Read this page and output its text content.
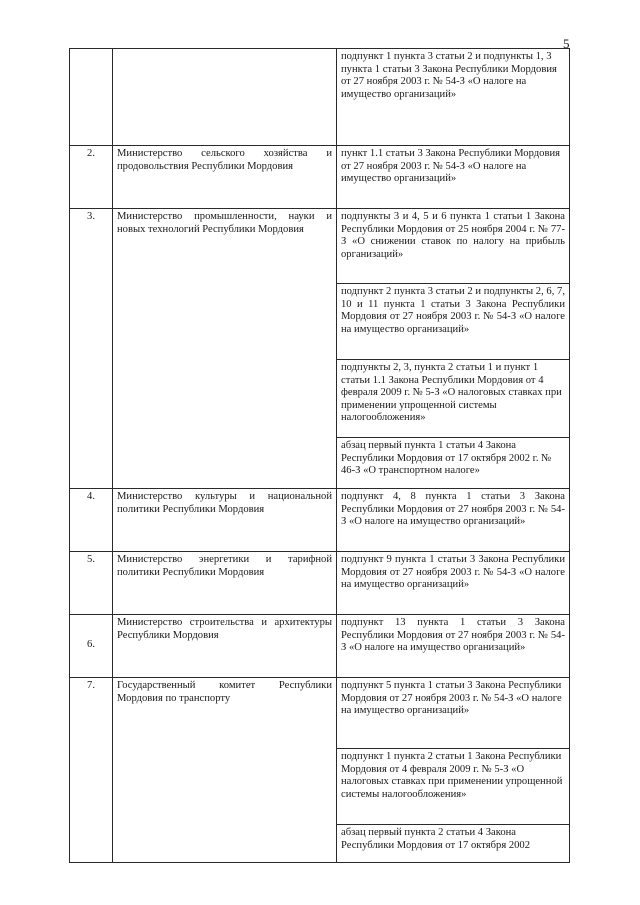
5
		подпункт 1 пункта 3 статьи 2 и подпункты 1, 3 пункта 1 статьи 3 Закона Республики Мордовия от 27 ноября 2003 г. № 54-З «О налоге на имущество организаций»
2.	Министерство сельского хозяйства и продовольствия Республики Мордовия	пункт 1.1 статьи 3 Закона Республики Мордовия от 27 ноября 2003 г. № 54-З «О налоге на имущество организаций»
3.	Министерство промышленности, науки и новых технологий Республики Мордовия	подпункты 3 и 4, 5 и 6 пункта 1 статьи 1 Закона Республики Мордовия от 25 ноября 2004 г. № 77-З «О снижении ставок по налогу на прибыль организаций»
		подпункт 2 пункта 3 статьи 2 и подпункты 2, 6, 7, 10 и 11 пункта 1 статьи 3 Закона Республики Мордовия от 27 ноября 2003 г. № 54-З «О налоге на имущество организаций»
		подпункты 2, 3, пункта 2 статьи 1 и пункт 1 статьи 1.1 Закона Республики Мордовия от 4 февраля 2009 г. № 5-З «О налоговых ставках при применении упрощенной системы налогообложения»
		абзац первый пункта 1 статьи 4 Закона Республики Мордовия от 17 октября 2002 г. № 46-З «О транспортном налоге»
4.	Министерство культуры и национальной политики Республики Мордовия	подпункт 4, 8 пункта 1 статьи 3 Закона Республики Мордовия от 27 ноября 2003 г. № 54-З «О налоге на имущество организаций»
5.	Министерство энергетики и тарифной политики Республики Мордовия	подпункт 9 пункта 1 статьи 3 Закона Республики Мордовия от 27 ноября 2003 г. № 54-З «О налоге на имущество организаций»
6.	Министерство строительства и архитектуры Республики Мордовия	подпункт 13 пункта 1 статьи 3 Закона Республики Мордовия от 27 ноября 2003 г. № 54-З «О налоге на имущество организаций»
7.	Государственный комитет Республики Мордовия по транспорту	подпункт 5 пункта 1 статьи 3 Закона Республики Мордовия от 27 ноября 2003 г. № 54-З «О налоге на имущество организаций»
		подпункт 1 пункта 2 статьи 1 Закона Республики Мордовия от 4 февраля 2009 г. № 5-З «О налоговых ставках при применении упрощенной системы налогообложения»
		абзац первый пункта 2 статьи 4 Закона Республики Мордовия от 17 октября 2002
